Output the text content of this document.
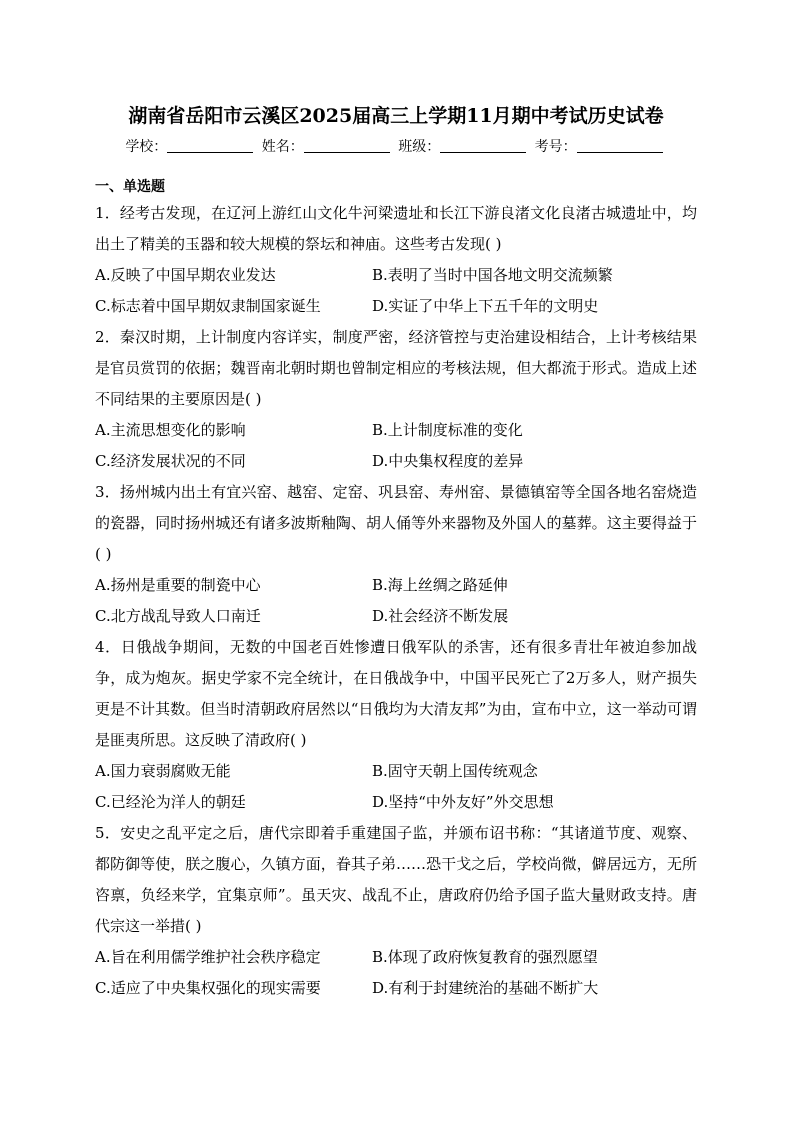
湖南省岳阳市云溪区2025届高三上学期11月期中考试历史试卷
学校：	姓名：	班级：	考号：
一、单选题

1．经考古发现，在辽河上游红山文化牛河梁遗址和长江下游良渚文化良渚古城遗址中，均出土了精美的玉器和较大规模的祭坛和神庙。这些考古发现( )

A.反映了中国早期农业发达	B.表明了当时中国各地文明交流频繁
C.标志着中国早期奴隶制国家诞生	D.实证了中华上下五千年的文明史

2．秦汉时期，上计制度内容详实，制度严密，经济管控与吏治建设相结合，上计考核结果是官员赏罚的依据；魏晋南北朝时期也曾制定相应的考核法规，但大都流于形式。造成上述不同结果的主要原因是( )

A.主流思想变化的影响	B.上计制度标准的变化
C.经济发展状况的不同	D.中央集权程度的差异

3．扬州城内出土有宜兴窑、越窑、定窑、巩县窑、寿州窑、景德镇窑等全国各地名窑烧造的瓷器，同时扬州城还有诸多波斯釉陶、胡人俑等外来器物及外国人的墓葬。这主要得益于( )

A.扬州是重要的制瓷中心	B.海上丝绸之路延伸
C.北方战乱导致人口南迁	D.社会经济不断发展

4．日俄战争期间，无数的中国老百姓惨遭日俄军队的杀害，还有很多青壮年被迫参加战争，成为炮灰。据史学家不完全统计，在日俄战争中，中国平民死亡了2万多人，财产损失更是不计其数。但当时清朝政府居然以“日俄均为大清友邦”为由，宣布中立，这一举动可谓是匪夷所思。这反映了清政府( )

A.国力衰弱腐败无能	B.固守天朝上国传统观念
C.已经沦为洋人的朝廷	D.坚持“中外友好”外交思想

5．安史之乱平定之后，唐代宗即着手重建国子监，并颁布诏书称：“其诸道节度、观察、都防御等使，朕之腹心，久镇方面，眷其子弟……恐干戈之后，学校尚微，僻居远方，无所咨禀，负经来学，宜集京师”。虽天灾、战乱不止，唐政府仍给予国子监大量财政支持。唐代宗这一举措( )

A.旨在利用儒学维护社会秩序稳定	B.体现了政府恢复教育的强烈愿望
C.适应了中央集权强化的现实需要	D.有利于封建统治的基础不断扩大
